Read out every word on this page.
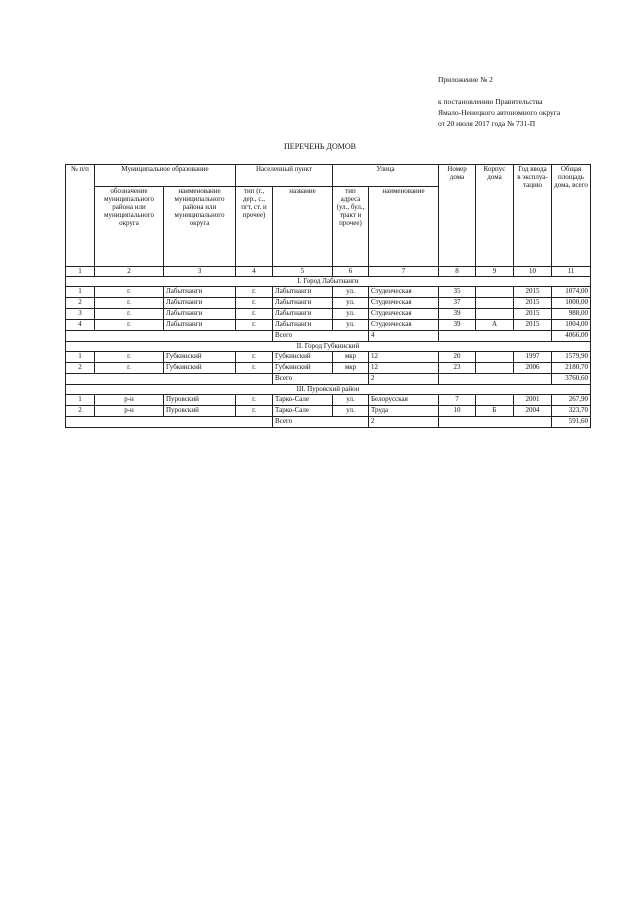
Приложение № 2
к постановлению Правительства
Ямало-Ненецкого автономного округа
от 20 июля 2017 года № 731-П
ПЕРЕЧЕНЬ ДОМОВ
№ п/п	Муниципальное образование		Населенный пункт		Улица		Номер дома	Корпус дома	Год ввода в эксплуа-тацию	Общая площадь дома, всего
	обозначение муниципального района или муниципального округа	наименование муниципального района или муниципального округа	тип (г., дер., с., пгт, ст. и прочее)	название	тип адреса (ул., бул., тракт и прочее)	наименование				
1	2	3	4	5	6	7	8	9	10	11
I. Город Лабытнанги										
1	г.	Лабытнанги	г.	Лабытнанги	ул.	Студенческая	35		2015	1074,00
2	г.	Лабытнанги	г.	Лабытнанги	ул.	Студенческая	37		2015	1000,00
3	г.	Лабытнанги	г.	Лабытнанги	ул.	Студенческая	39		2015	988,00
4	г.	Лабытнанги	г.	Лабытнанги	ул.	Студенческая	39	А	2015	1004,00
				Всего		4				4066,00
II. Город Губкинский										
1	г.	Губкинский	г.	Губкинский	мкр	12	20		1997	1579,90
2	г.	Губкинский	г.	Губкинский	мкр	12	23		2006	2180,70
				Всего		2				3760,60
III. Пуровский район										
1	р-н	Пуровский	г.	Тарко-Сале	ул.	Белорусская	7		2001	267,90
2	р-н	Пуровский	г.	Тарко-Сале	ул.	Труда	10	Б	2004	323,70
				Всего		2				591,60
